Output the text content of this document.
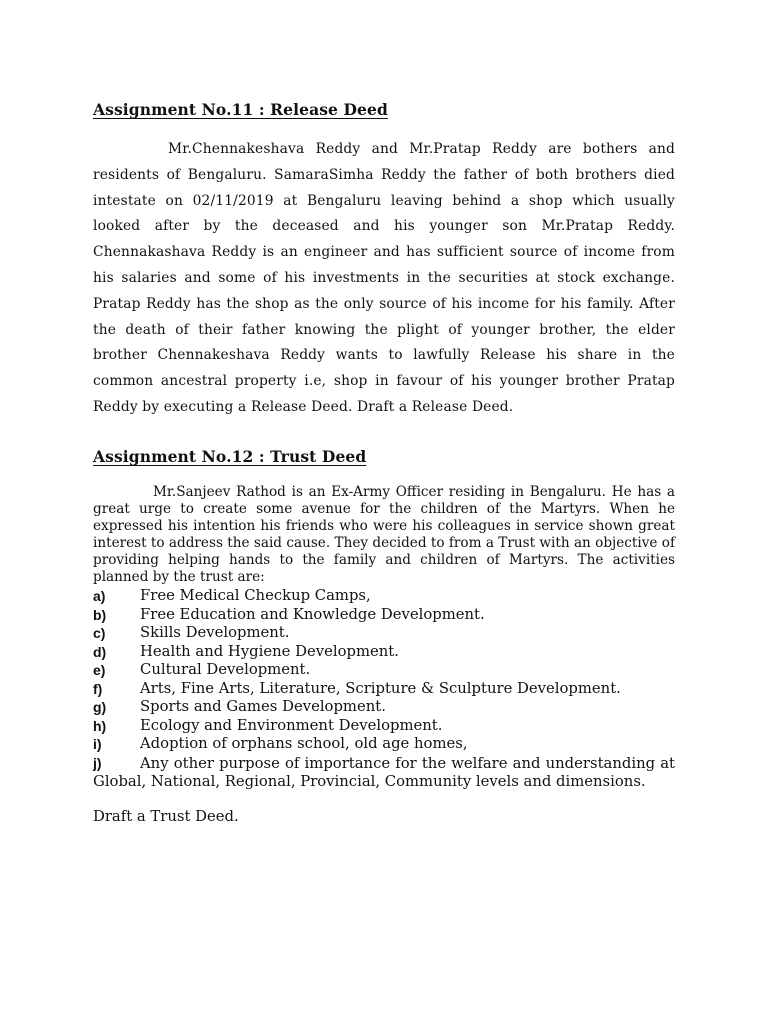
Assignment No.11 : Release Deed
Mr.Chennakeshava Reddy and Mr.Pratap Reddy are bothers and residents of Bengaluru. SamaraSimha Reddy the father of both brothers died intestate on 02/11/2019 at Bengaluru leaving behind a shop which usually looked after by the deceased and his younger son Mr.Pratap Reddy. Chennakashava Reddy is an engineer and has sufficient source of income from his salaries and some of his investments in the securities at stock exchange. Pratap Reddy has the shop as the only source of his income for his family. After the death of their father knowing the plight of younger brother, the elder brother Chennakeshava Reddy wants to lawfully Release his share in the common ancestral property i.e, shop in favour of his younger brother Pratap Reddy by executing a Release Deed. Draft a Release Deed.
Assignment No.12 : Trust Deed
Mr.Sanjeev Rathod is an Ex-Army Officer residing in Bengaluru. He has a great urge to create some avenue for the children of the Martyrs. When he expressed his intention his friends who were his colleagues in service shown great interest to address the said cause. They decided to from a Trust with an objective of providing helping hands to the family and children of Martyrs. The activities planned by the trust are:
a) Free Medical Checkup Camps,
b) Free Education and Knowledge Development.
c) Skills Development.
d) Health and Hygiene Development.
e) Cultural Development.
f)	Arts, Fine Arts, Literature, Scripture & Sculpture Development.
g) Sports and Games Development.
h) Ecology and Environment Development.
i)	Adoption of orphans school, old age homes,
j)	Any other purpose of importance for the welfare and understanding at Global, National, Regional, Provincial, Community levels and dimensions.
Draft a Trust Deed.
